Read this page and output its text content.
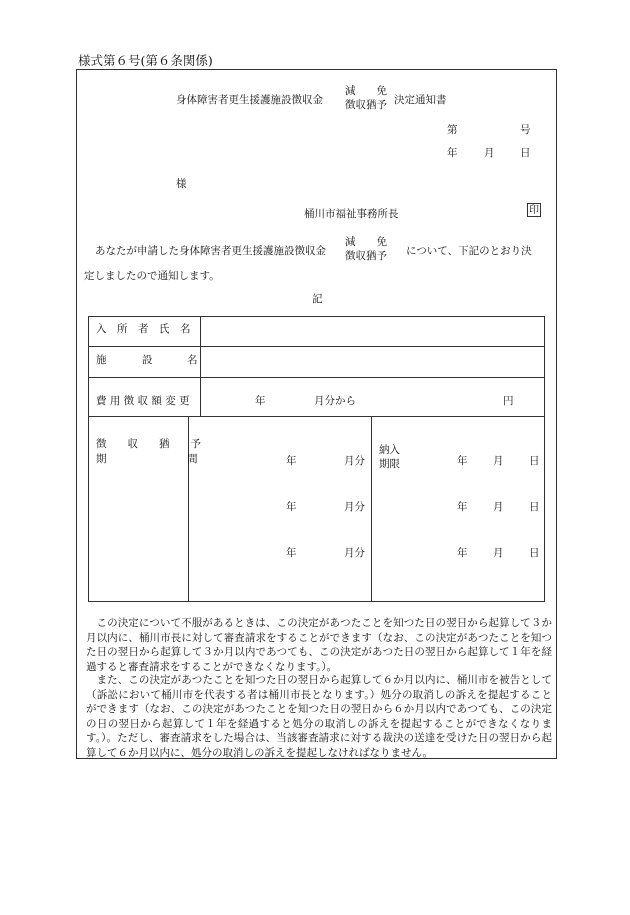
様式第６号(第６条関係)
身体障害者更生援護施設徴収金
減　　免
徴収猶予 決定通知書
第	号
年	月 日
様
桶川市福祉事務所長	印
あなたが申請した身体障害者更生援護施設徴収金
減　　免
徴収猶予 について、下記のとおり決
定しましたので通知します。
記
入　所　者　氏　名
施	設	名
費 用 徴 収 額 変 更	年	月分から	円
徴　　収　　猶　　予
期	間
納入
期限
年	月分	年 月 日
年	月分	年 月 日
年	月分	年 月 日

この決定について不服があるときは、この決定があつたことを知つた日の翌日から起算して３か月以内に、桶川市長に対して審査請求をすることができます（なお、この決定があつたことを知つた日の翌日から起算して３か月以内であつても、この決定があつた日の翌日から起算して１年を経過すると審査請求をすることができなくなります。）。

また、この決定があつたことを知つた日の翌日から起算して６か月以内に、桶川市を被告として（訴訟において桶川市を代表する者は桶川市長となります。）処分の取消しの訴えを提起することができます（なお、この決定があつたことを知つた日の翌日から６か月以内であつても、この決定の日の翌日から起算して１年を経過すると処分の取消しの訴えを提起することができなくなります。）。ただし、審査請求をした場合は、当該審査請求に対する裁決の送達を受けた日の翌日から起算して６か月以内に、処分の取消しの訴えを提起しなければなりません。
